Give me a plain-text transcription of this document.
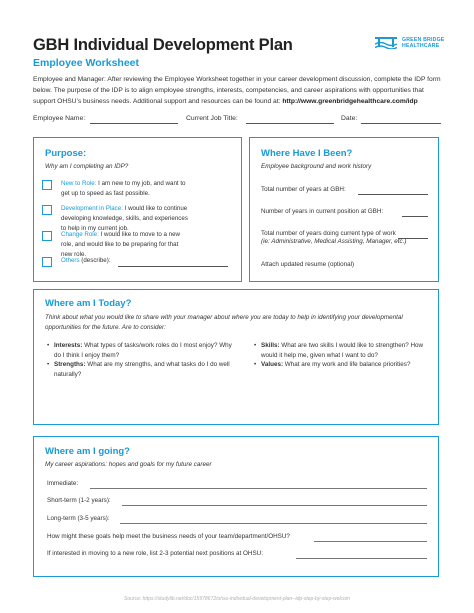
GBH Individual Development Plan
Employee Worksheet
GREEN BRIDGE
HEALTHCARE
Employee and Manager: After reviewing the Employee Worksheet together in your career development discussion, complete the IDP form below. The purpose of the IDP is to align employee strengths, interests, competencies, and career aspirations with opportunities that support OHSU’s business needs. Additional support and resources can be found at: http://www.greenbridgehealthcare.com/idp
Employee Name:	Current Job Title:	Date:
Purpose:
Why am I completing an IDP?
New to Role: I am new to my job, and want to get up to speed as fast possible.
Development in Place: I would like to continue developing knowledge, skills, and experiences to help in my current job.
Change Role: I would like to move to a new role, and would like to be preparing for that new role.
Others (describe):
Where Have I Been?
Employee background and work history
Total number of years at GBH:
Number of years in current position at GBH:
Total number of years doing current type of work
(ie: Administrative, Medical Assisting, Manager, etc.)
Attach updated resume (optional)
Where am I Today?
Think about what you would like to share with your manager about where you are today to help in identifying your developmental opportunities for the future. Are to consider:
• Interests: What types of tasks/work roles do I most enjoy? Why do I think I enjoy them?
• Strengths: What are my strengths, and what tasks do I do well naturally?
• Skills: What are two skills I would like to strengthen? How would it help me, given what I want to do?
• Values: What are my work and life balance priorities?
Where am I going?
My career aspirations: hopes and goals for my future career
Immediate:
Short-term (1-2 years):
Long-term (3-5 years):
How might these goals help meet the business needs of your team/department/OHSU?
If interested in moving to a new role, list 2-3 potential next positions at OHSU:
Source: https://studylib.net/doc/15978672/ohsu-individual-development-plan--idp-step-by-step-welcom
